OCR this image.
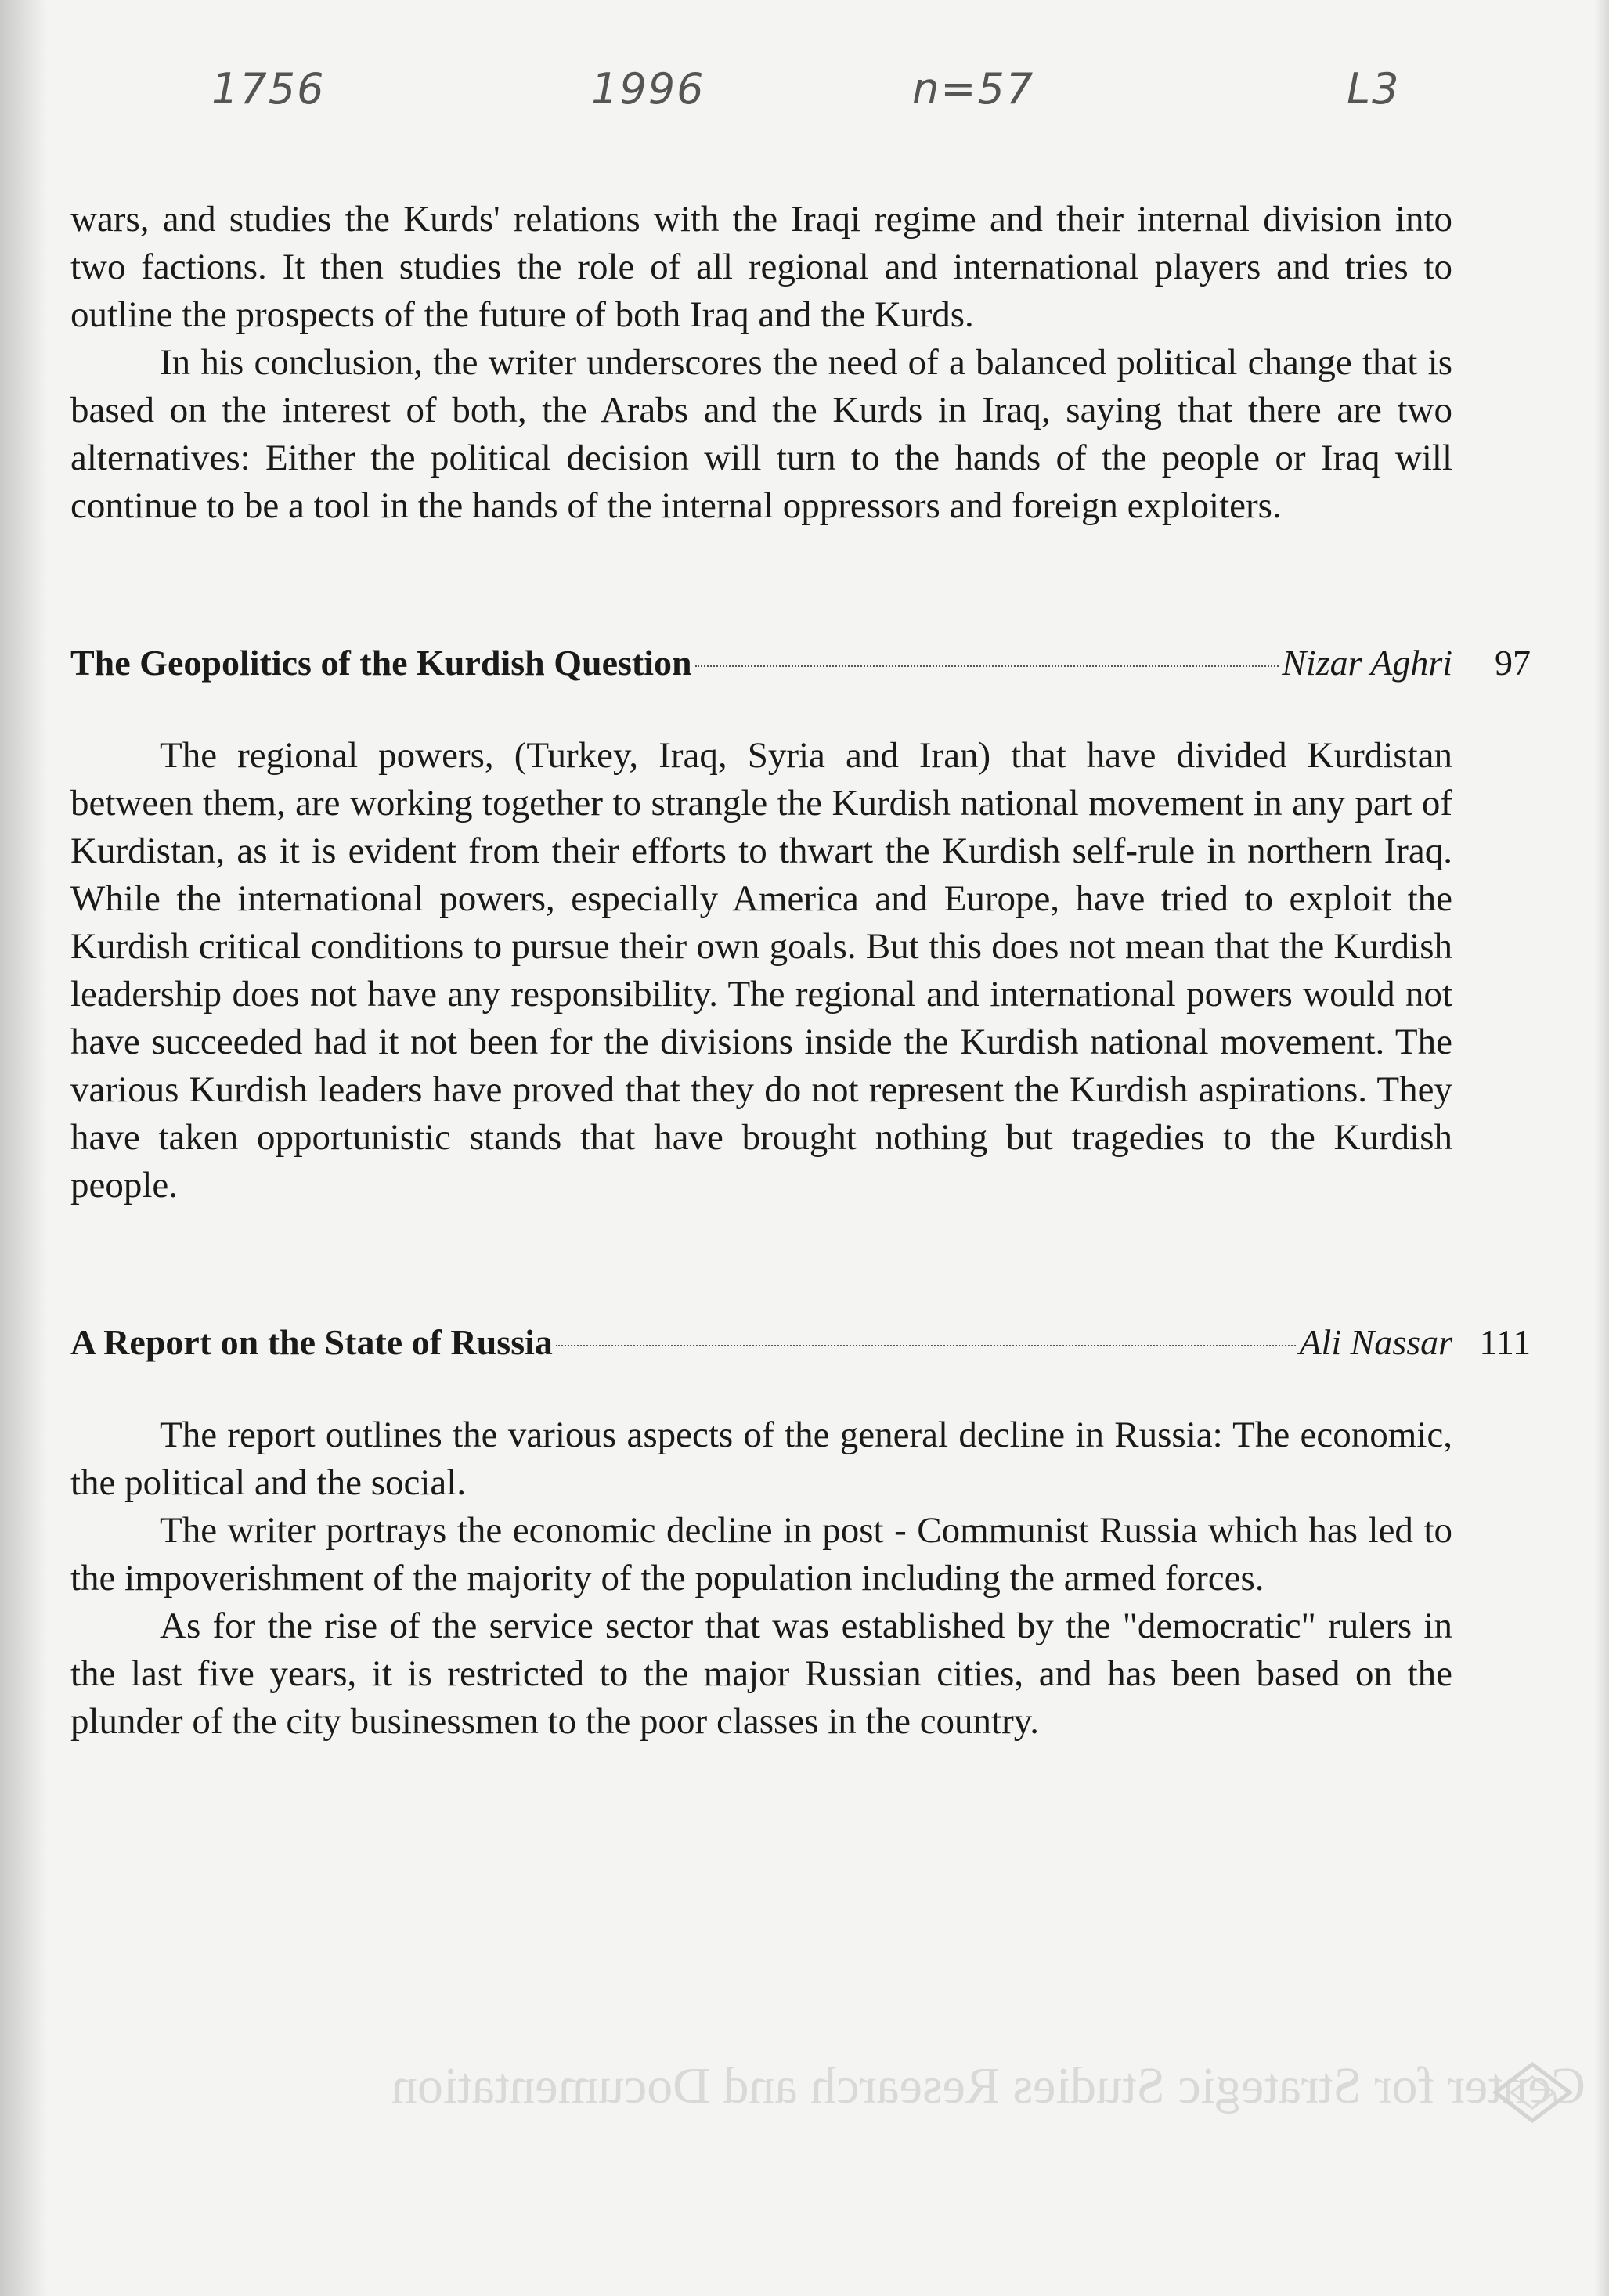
1756	1996	n=57	L3

wars, and studies the Kurds' relations with the Iraqi regime and their internal division into two factions. It then studies the role of all regional and international players and tries to outline the prospects of the future of both Iraq and the Kurds.

In his conclusion, the writer underscores the need of a balanced political change that is based on the interest of both, the Arabs and the Kurds in Iraq, saying that there are two alternatives: Either the political decision will turn to the hands of the people or Iraq will continue to be a tool in the hands of the internal oppressors and foreign exploiters.

The Geopolitics of the Kurdish Question	Nizar Aghri	97

The regional powers, (Turkey, Iraq, Syria and Iran) that have divided Kurdistan between them, are working together to strangle the Kurdish national movement in any part of Kurdistan, as it is evident from their efforts to thwart the Kurdish self-rule in northern Iraq. While the international powers, especially America and Europe, have tried to exploit the Kurdish critical conditions to pursue their own goals. But this does not mean that the Kurdish leadership does not have any responsibility. The regional and international powers would not have succeeded had it not been for the divisions inside the Kurdish national movement. The various Kurdish leaders have proved that they do not represent the Kurdish aspirations. They have taken opportunistic stands that have brought nothing but tragedies to the Kurdish people.

A Report on the State of Russia	Ali Nassar 111

The report outlines the various aspects of the general decline in Russia: The economic, the political and the social.

The writer portrays the economic decline in post - Communist Russia which has led to the impoverishment of the majority of the population including the armed forces.

As for the rise of the service sector that was established by the "democratic" rulers in the last five years, it is restricted to the major Russian cities, and has been based on the plunder of the city businessmen to the poor classes in the country.

Center for Strategic Studies Research and Documentation
